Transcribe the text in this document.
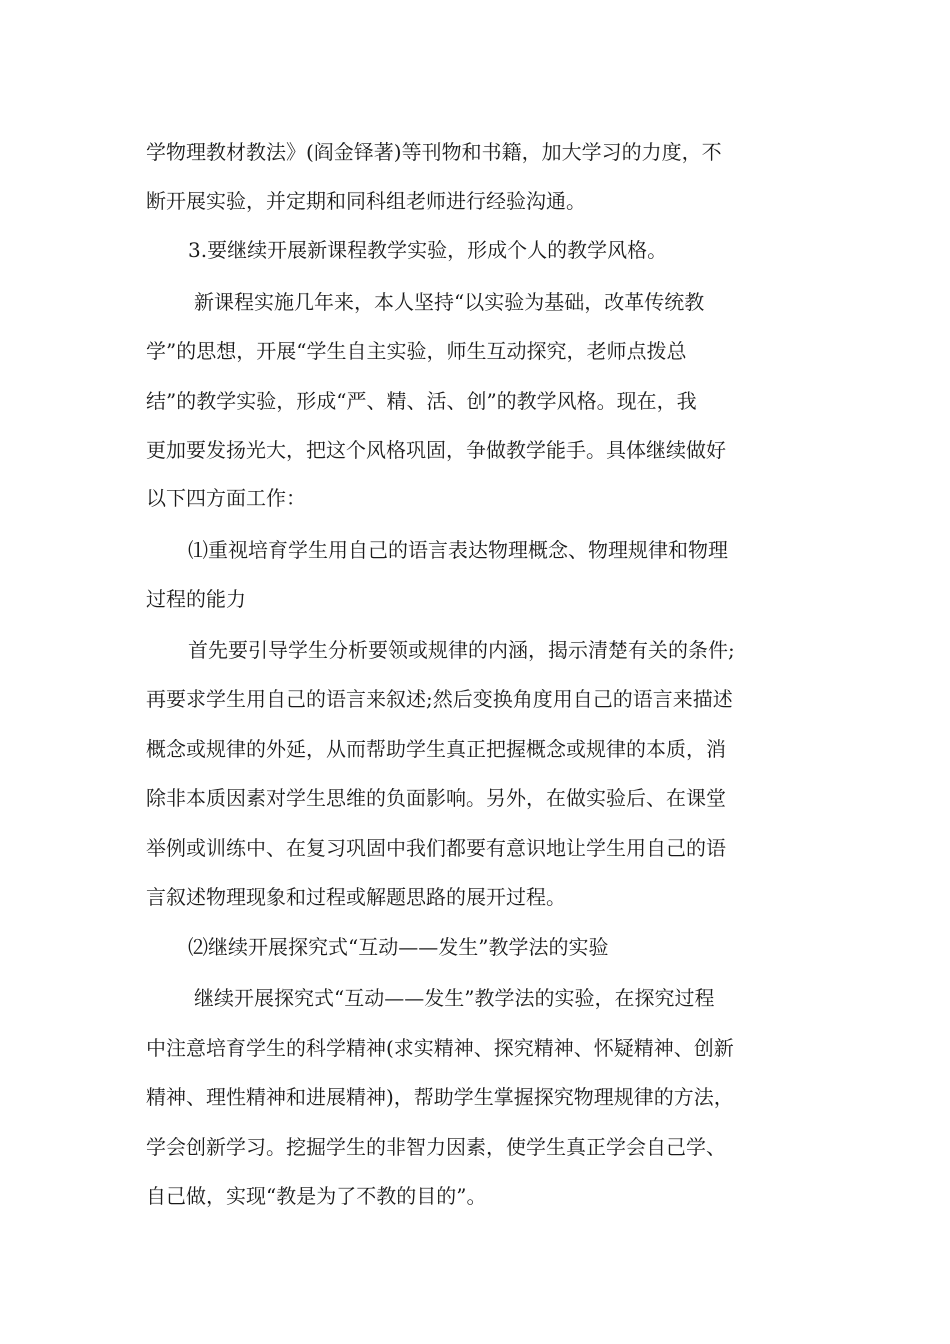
学物理教材教法》(阎金铎著)等刊物和书籍，加大学习的力度，不
断开展实验，并定期和同科组老师进行经验沟通。
3.要继续开展新课程教学实验，形成个人的教学风格。
新课程实施几年来，本人坚持“以实验为基础，改革传统教
学”的思想，开展“学生自主实验，师生互动探究，老师点拨总
结”的教学实验，形成“严、精、活、创”的教学风格。现在，我
更加要发扬光大，把这个风格巩固，争做教学能手。具体继续做好
以下四方面工作：
⑴重视培育学生用自己的语言表达物理概念、物理规律和物理
过程的能力
首先要引导学生分析要领或规律的内涵，揭示清楚有关的条件;
再要求学生用自己的语言来叙述;然后变换角度用自己的语言来描述
概念或规律的外延，从而帮助学生真正把握概念或规律的本质，消
除非本质因素对学生思维的负面影响。另外，在做实验后、在课堂
举例或训练中、在复习巩固中我们都要有意识地让学生用自己的语
言叙述物理现象和过程或解题思路的展开过程。
⑵继续开展探究式“互动——发生”教学法的实验
继续开展探究式“互动——发生”教学法的实验，在探究过程
中注意培育学生的科学精神(求实精神、探究精神、怀疑精神、创新
精神、理性精神和进展精神)，帮助学生掌握探究物理规律的方法，
学会创新学习。挖掘学生的非智力因素，使学生真正学会自己学、
自己做，实现“教是为了不教的目的”。
